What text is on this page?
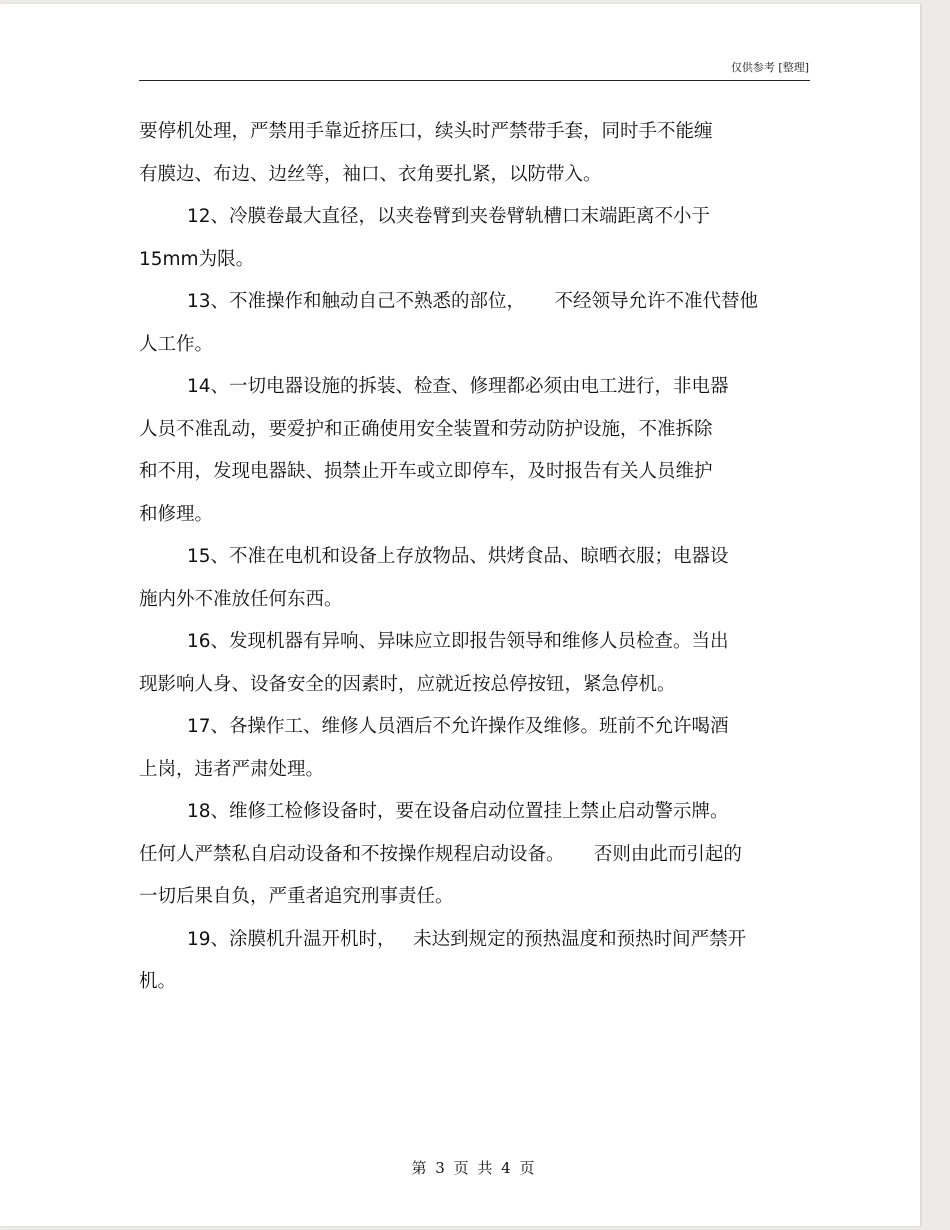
仅供参考 [整理]
要停机处理，严禁用手靠近挤压口，续头时严禁带手套，同时手不能缠
有膜边、布边、边丝等，袖口、衣角要扎紧，以防带入。
12、冷膜卷最大直径，以夹卷臂到夹卷臂轨槽口末端距离不小于
15mm为限。
13、不准操作和触动自己不熟悉的部位，     不经领导允许不准代替他
人工作。
14、一切电器设施的拆装、检查、修理都必须由电工进行，非电器
人员不准乱动，要爱护和正确使用安全装置和劳动防护设施，不准拆除
和不用，发现电器缺、损禁止开车或立即停车，及时报告有关人员维护
和修理。
15、不准在电机和设备上存放物品、烘烤食品、晾晒衣服；电器设
施内外不准放任何东西。
16、发现机器有异响、异味应立即报告领导和维修人员检查。当出
现影响人身、设备安全的因素时，应就近按总停按钮，紧急停机。
17、各操作工、维修人员酒后不允许操作及维修。班前不允许喝酒
上岗，违者严肃处理。
18、维修工检修设备时，要在设备启动位置挂上禁止启动警示牌。
任何人严禁私自启动设备和不按操作规程启动设备。     否则由此而引起的
一切后果自负，严重者追究刑事责任。
19、涂膜机升温开机时，   未达到规定的预热温度和预热时间严禁开
机。
第 3 页 共 4 页
